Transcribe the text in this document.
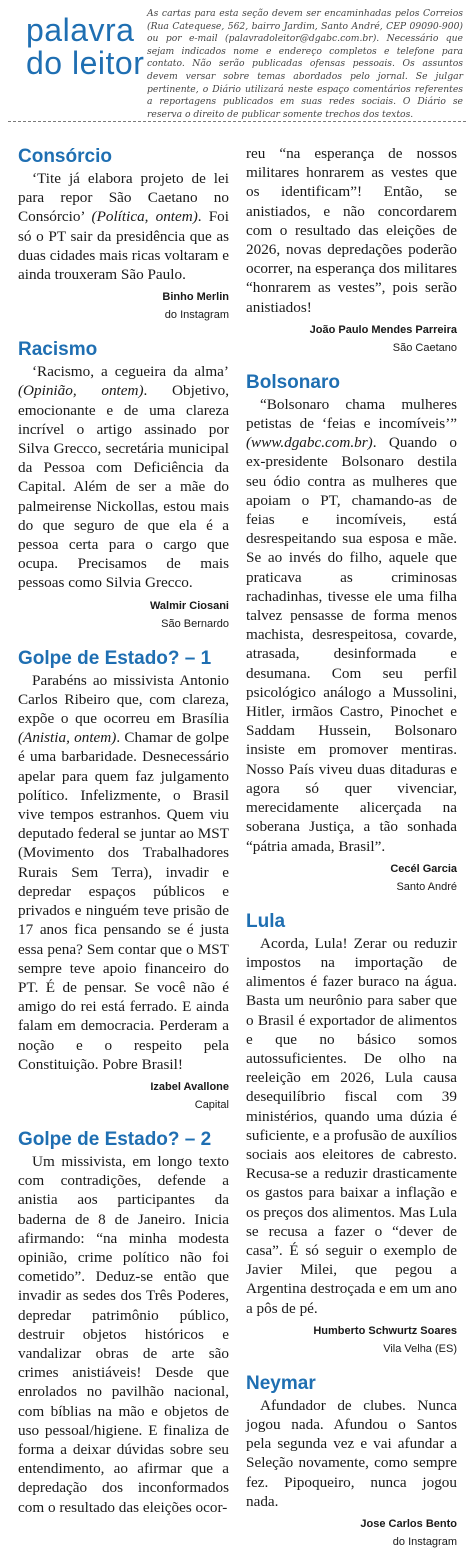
palavra
do leitor
As cartas para esta seção devem ser encaminhadas pelos Correios (Rua Catequese, 562, bairro Jardim, Santo André, CEP 09090-900) ou por e-mail (palavradoleitor@dgabc.com.br). Necessário que sejam indicados nome e endereço completos e telefone para contato. Não serão publicadas ofensas pessoais. Os assuntos devem versar sobre temas abordados pelo jornal. Se julgar pertinente, o Diário utilizará neste espaço comentários referentes a reportagens publicados em suas redes sociais. O Diário se reserva o direito de publicar somente trechos dos textos.
Consórcio

‘Tite já elabora projeto de lei para repor São Caetano no Consórcio’ (Política, ontem). Foi só o PT sair da presidência que as duas cidades mais ricas voltaram e ainda trouxeram São Paulo.

Binho Merlin
do Instagram
Racismo

‘Racismo, a cegueira da alma’ (Opinião, ontem). Objetivo, emocionante e de uma clareza incrível o artigo assinado por Silva Grecco, secretária municipal da Pessoa com Deficiência da Capital. Além de ser a mãe do palmeirense Nickollas, estou mais do que seguro de que ela é a pessoa certa para o cargo que ocupa. Precisamos de mais pessoas como Silvia Grecco.

Walmir Ciosani
São Bernardo
Golpe de Estado? – 1

Parabéns ao missivista Antonio Carlos Ribeiro que, com clareza, expõe o que ocorreu em Brasília (Anistia, ontem). Chamar de golpe é uma barbaridade. Desnecessário apelar para quem faz julgamento político. Infelizmente, o Brasil vive tempos estranhos. Quem viu deputado federal se juntar ao MST (Movimento dos Trabalhadores Rurais Sem Terra), invadir e depredar espaços públicos e privados e ninguém teve prisão de 17 anos fica pensando se é justa essa pena? Sem contar que o MST sempre teve apoio financeiro do PT. É de pensar. Se você não é amigo do rei está ferrado. E ainda falam em democracia. Perderam a noção e o respeito pela Constituição. Pobre Brasil!

Izabel Avallone
Capital
Golpe de Estado? – 2

Um missivista, em longo texto com contradições, defende a anistia aos participantes da baderna de 8 de Janeiro. Inicia afirmando: “na minha modesta opinião, crime político não foi cometido”. Deduz-se então que invadir as sedes dos Três Poderes, depredar patrimônio público, destruir objetos históricos e vandalizar obras de arte são crimes anistiáveis! Desde que enrolados no pavilhão nacional, com bíblias na mão e objetos de uso pessoal/higiene. E finaliza de forma a deixar dúvidas sobre seu entendimento, ao afirmar que a depredação dos inconformados com o resultado das eleições ocor-

reu “na esperança de nossos militares honrarem as vestes que os identificam”! Então, se anistiados, e não concordarem com o resultado das eleições de 2026, novas depredações poderão ocorrer, na esperança dos militares “honrarem as vestes”, pois serão anistiados!

João Paulo Mendes Parreira
São Caetano
Bolsonaro

“Bolsonaro chama mulheres petistas de ‘feias e incomíveis’” (www.dgabc.com.br). Quando o ex-presidente Bolsonaro destila seu ódio contra as mulheres que apoiam o PT, chamando-as de feias e incomíveis, está desrespeitando sua esposa e mãe. Se ao invés do filho, aquele que praticava as criminosas rachadinhas, tivesse ele uma filha talvez pensasse de forma menos machista, desrespeitosa, covarde, atrasada, desinformada e desumana. Com seu perfil psicológico análogo a Mussolini, Hitler, irmãos Castro, Pinochet e Saddam Hussein, Bolsonaro insiste em promover mentiras. Nosso País viveu duas ditaduras e agora só quer vivenciar, merecidamente alicerçada na soberana Justiça, a tão sonhada “pátria amada, Brasil”.

Cecél Garcia
Santo André
Lula

Acorda, Lula! Zerar ou reduzir impostos na importação de alimentos é fazer buraco na água. Basta um neurônio para saber que o Brasil é exportador de alimentos e que no básico somos autossuficientes. De olho na reeleição em 2026, Lula causa desequilíbrio fiscal com 39 ministérios, quando uma dúzia é suficiente, e a profusão de auxílios sociais aos eleitores de cabresto. Recusa-se a reduzir drasticamente os gastos para baixar a inflação e os preços dos alimentos. Mas Lula se recusa a fazer o “dever de casa”. É só seguir o exemplo de Javier Milei, que pegou a Argentina destroçada e em um ano a pôs de pé.

Humberto Schwurtz Soares
Vila Velha (ES)
Neymar

Afundador de clubes. Nunca jogou nada. Afundou o Santos pela segunda vez e vai afundar a Seleção novamente, como sempre fez. Pipoqueiro, nunca jogou nada.

Jose Carlos Bento
do Instagram
